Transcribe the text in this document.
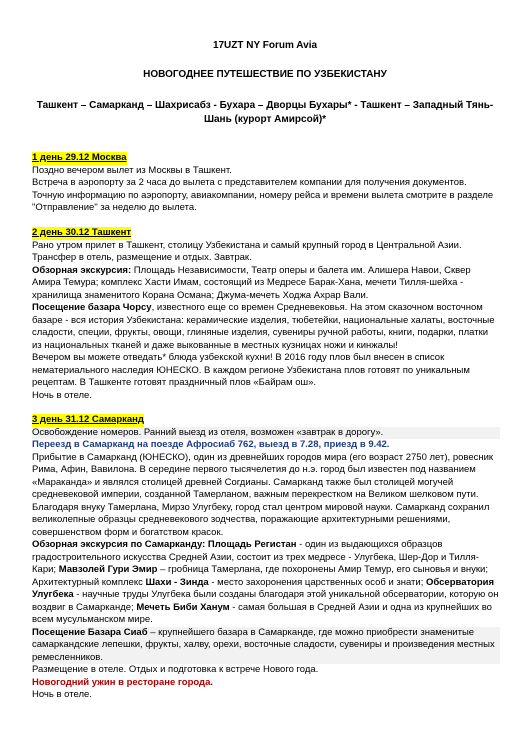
17UZT NY Forum Avia
НОВОГОДНЕЕ ПУТЕШЕСТВИЕ ПО УЗБЕКИСТАНУ
Ташкент – Самарканд – Шахрисабз - Бухара – Дворцы Бухары* - Ташкент – Западный Тянь-Шань (курорт Амирсой)*

1 день 29.12 Москва

Поздно вечером вылет из Москвы в Ташкент.

Встреча в аэропорту за 2 часа до вылета с представителем компании для получения документов.

Точную информацию по аэропорту, авиакомпании, номеру рейса и времени вылета смотрите в разделе "Отправление" за неделю до вылета.

2 день 30.12 Ташкент

Рано утром прилет в Ташкент, столицу Узбекистана и самый крупный город в Центральной Азии. Трансфер в отель, размещение и отдых. Завтрак.

Обзорная экскурсия: Площадь Независимости, Театр оперы и балета им. Алишера Навои, Сквер Амира Темура; комплекс Хасти Имам, состоящий из Медресе Барак-Хана, мечети Тилля-шейха - хранилища знаменитого Корана Османа; Джума-мечеть Ходжа Ахрар Вали.

Посещение базара Чорсу, известного еще со времен Средневековья. На этом сказочном восточном базаре - вся история Узбекистана: керамические изделия, тюбетейки, национальные халаты, восточные сладости, специи, фрукты, овощи, глиняные изделия, сувениры ручной работы, книги, подарки, платки из национальных тканей и даже выкованные в местных кузницах ножи и кинжалы!

Вечером вы можете отведать* блюда узбекской кухни! В 2016 году плов был внесен в список нематериального наследия ЮНЕСКО. В каждом регионе Узбекистана плов готовят по уникальным рецептам. В Ташкенте готовят праздничный плов «Байрам ош».

Ночь в отеле.

3 день 31.12 Самарканд

Освобождение номеров. Ранний выезд из отеля, возможен «завтрак в дорогу».

Переезд в Самарканд на поезде Афросиаб 762, выезд в 7.28, приезд в 9.42.

Прибытие в Самарканд (ЮНЕСКО), один из древнейших городов мира (его возраст 2750 лет), ровесник Рима, Афин, Вавилона. В середине первого тысячелетия до н.э. город был известен под названием «Мараканда» и являлся столицей древней Согдианы. Самарканд также был столицей могучей средневековой империи, созданной Тамерланом, важным перекрестком на Великом шелковом пути. Благодаря внуку Тамерлана, Мирзо Улугбеку, город стал центром мировой науки. Самарканд сохранил великолепные образцы средневекового зодчества, поражающие архитектурными решениями, совершенством форм и богатством красок.

Обзорная экскурсия по Самарканду: Площадь Регистан - один из выдающихся образцов градостроительного искусства Средней Азии, состоит из трех медресе - Улугбека, Шер-Дор и Тилля-Кари; Мавзолей Гури Эмир – гробница Тамерлана, где похоронены Амир Темур, его сыновья и внуки; Архитектурный комплекс Шахи - Зинда - место захоронения царственных особ и знати; Обсерватория Улугбека - научные труды Улугбека были созданы благодаря этой уникальной обсерватории, которую он воздвиг в Самарканде; Мечеть Биби Ханум - самая большая в Средней Азии и одна из крупнейших во всем мусульманском мире.

Посещение Базара Сиаб – крупнейшего базара в Самарканде, где можно приобрести знаменитые самаркандские лепешки, фрукты, халву, орехи, восточные сладости, сувениры и произведения местных ремесленников.

Размещение в отеле. Отдых и подготовка к встрече Нового года.

Новогодний ужин в ресторане города.

Ночь в отеле.
